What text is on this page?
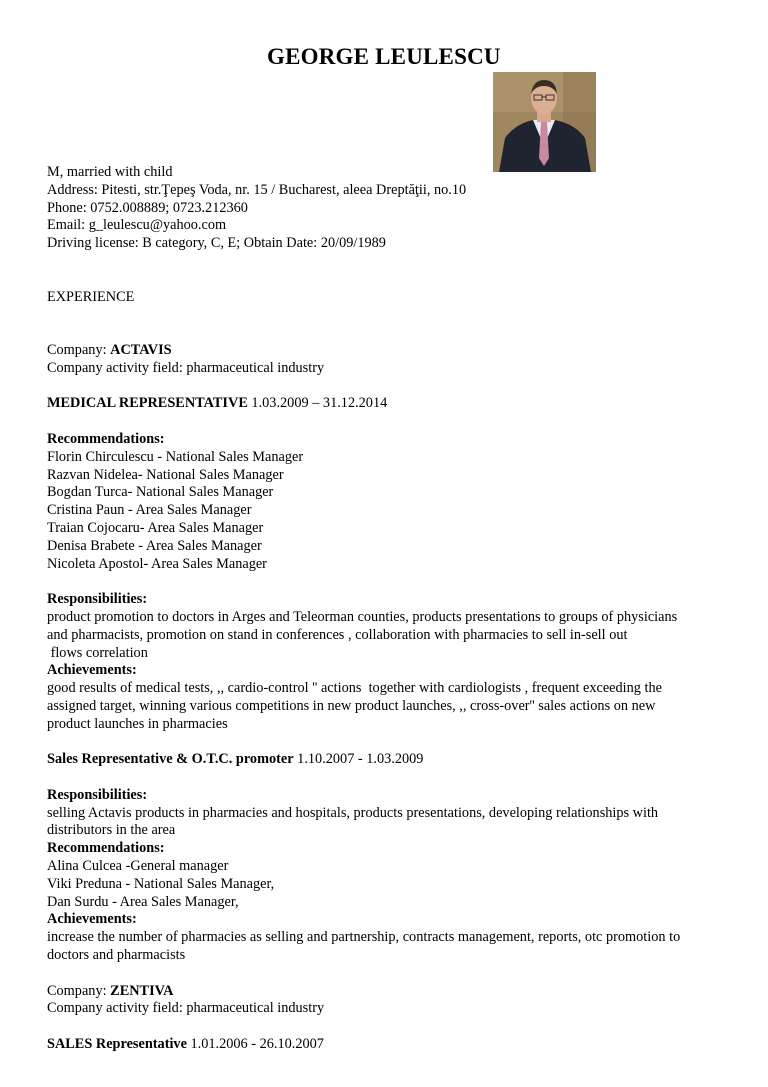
GEORGE LEULESCU
M, married with child
Address: Pitesti, str.Ţepeş Voda, nr. 15 / Bucharest, aleea Dreptăţii, no.10
Phone: 0752.008889; 0723.212360
Email: g_leulescu@yahoo.com
Driving license: B category, C, E; Obtain Date: 20/09/1989
EXPERIENCE
Company: ACTAVIS
Company activity field: pharmaceutical industry
MEDICAL REPRESENTATIVE 1.03.2009 – 31.12.2014
Recommendations:
Florin Chirculescu - National Sales Manager
Razvan Nidelea- National Sales Manager
Bogdan Turca- National Sales Manager
Cristina Paun - Area Sales Manager
Traian Cojocaru- Area Sales Manager
Denisa Brabete - Area Sales Manager
Nicoleta Apostol- Area Sales Manager
Responsibilities:
product promotion to doctors in Arges and Teleorman counties, products presentations to groups of physicians
and pharmacists, promotion on stand in conferences , collaboration with pharmacies to sell in-sell out
flows correlation
Achievements:
good results of medical tests, ,, cardio-control '' actions  together with cardiologists , frequent exceeding the
assigned target, winning various competitions in new product launches, ,, cross-over'' sales actions on new
product launches in pharmacies
Sales Representative & O.T.C. promoter 1.10.2007 - 1.03.2009
Responsibilities:
selling Actavis products in pharmacies and hospitals, products presentations, developing relationships with
distributors in the area
Recommendations:
Alina Culcea -General manager
Viki Preduna - National Sales Manager,
Dan Surdu - Area Sales Manager,
Achievements:
increase the number of pharmacies as selling and partnership, contracts management, reports, otc promotion to
doctors and pharmacists
Company: ZENTIVA
Company activity field: pharmaceutical industry
SALES Representative 1.01.2006 - 26.10.2007
